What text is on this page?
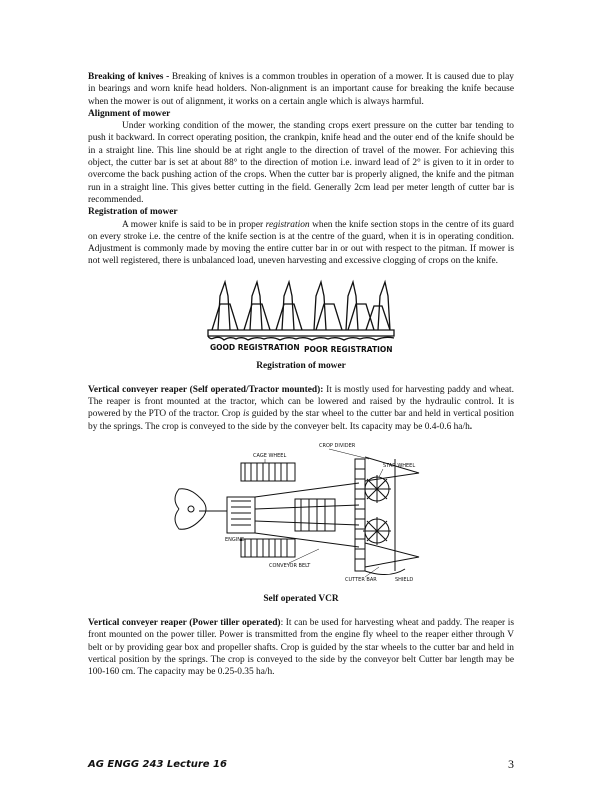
Breaking of knives - Breaking of knives is a common troubles in operation of a mower. It is caused due to play in bearings and worn knife head holders. Non-alignment is an important cause for breaking the knife because when the mower is out of alignment, it works on a certain angle which is always harmful.

Alignment of mower

Under working condition of the mower, the standing crops exert pressure on the cutter bar tending to push it backward. In correct operating position, the crankpin, knife head and the outer end of the knife should be in a straight line. This line should be at right angle to the direction of travel of the mower. For achieving this object, the cutter bar is set at about 88° to the direction of motion i.e. inward lead of 2° is given to it in order to overcome the back pushing action of the crops. When the cutter bar is properly aligned, the knife and the pitman run in a straight line. This gives better cutting in the field. Generally 2cm lead per meter length of cutter bar is recommended.

Registration of mower

A mower knife is said to be in proper registration when the knife section stops in the centre of its guard on every stroke i.e. the centre of the knife section is at the centre of the guard, when it is in operating condition. Adjustment is commonly made by moving the entire cutter bar in or out with respect to the pitman. If mower is not well registered, there is unbalanced load, uneven harvesting and excessive clogging of crops on the knife.

GOOD REGISTRATION POOR REGISTRATION
Registration of mower

Vertical conveyer reaper (Self operated/Tractor mounted): It is mostly used for harvesting paddy and wheat. The reaper is front mounted at the tractor, which can be lowered and raised by the hydraulic control. It is powered by the PTO of the tractor. Crop is guided by the star wheel to the cutter bar and held in vertical position by the springs. The crop is conveyed to the side by the conveyer belt. Its capacity may be 0.4-0.6 ha/h.

CROP DIVIDER
CAGE WHEEL
STAR WHEEL
ENGINE
CONVEYOR BELT
CUTTER BAR	SHIELD
Self operated VCR

Vertical conveyer reaper (Power tiller operated): It can be used for harvesting wheat and paddy. The reaper is front mounted on the power tiller. Power is transmitted from the engine fly wheel to the reaper either through V belt or by providing gear box and propeller shafts. Crop is guided by the star wheels to the cutter bar and held in vertical position by the springs. The crop is conveyed to the side by the conveyor belt Cutter bar length may be 100-160 cm. The capacity may be 0.25-0.35 ha/h.

AG ENGG 243 Lecture 16	3
